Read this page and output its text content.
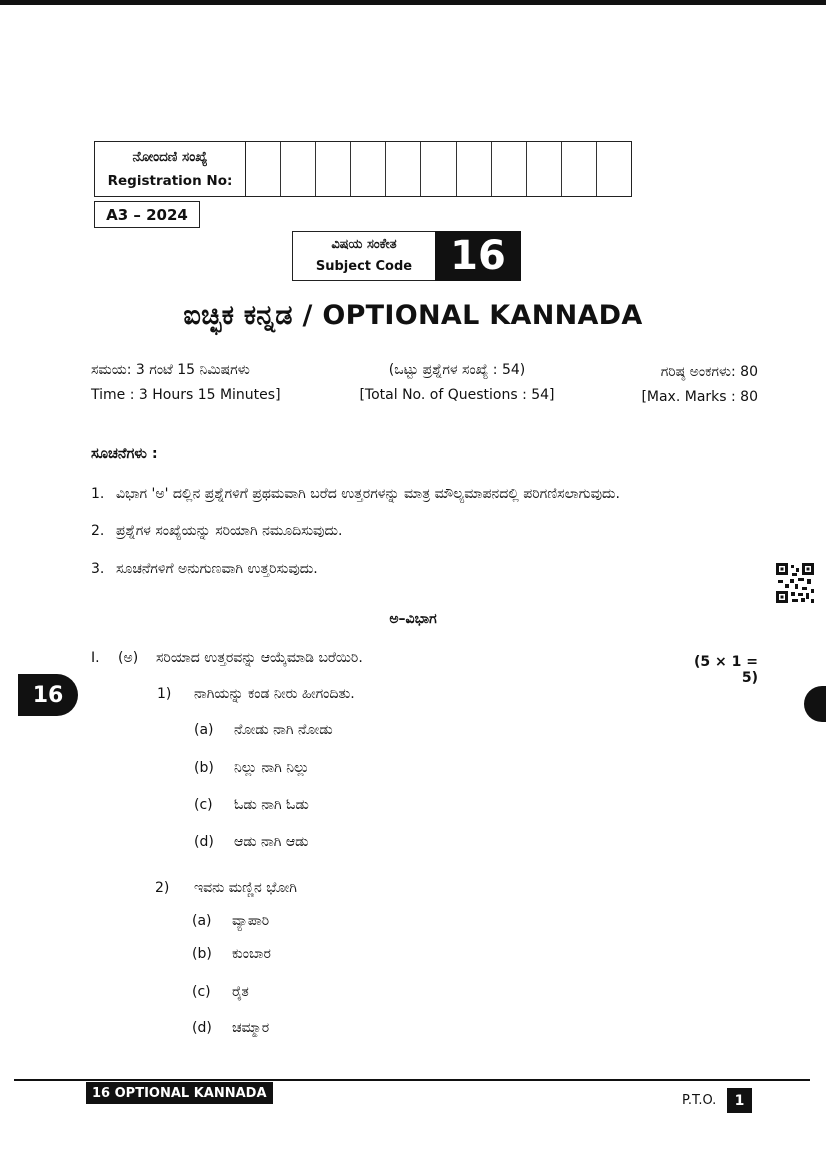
ನೋಂದಣಿ ಸಂಖ್ಯೆ
Registration No:
A3 – 2024
ವಿಷಯ ಸಂಕೇತ
Subject Code 16
ಐಚ್ಛಿಕ ಕನ್ನಡ / OPTIONAL KANNADA
ಸಮಯ: 3 ಗಂಟೆ 15 ನಿಮಿಷಗಳು
Time : 3 Hours 15 Minutes]
(ಒಟ್ಟು ಪ್ರಶ್ನೆಗಳ ಸಂಖ್ಯೆ : 54)
[Total No. of Questions : 54]
ಗರಿಷ್ಠ ಅಂಕಗಳು: 80
[Max. Marks : 80
ಸೂಚನೆಗಳು :
1. ವಿಭಾಗ 'ಅ' ದಲ್ಲಿನ ಪ್ರಶ್ನೆಗಳಿಗೆ ಪ್ರಥಮವಾಗಿ ಬರೆದ ಉತ್ತರಗಳನ್ನು ಮಾತ್ರ ಮೌಲ್ಯಮಾಪನದಲ್ಲಿ ಪರಿಗಣಿಸಲಾಗುವುದು.
2. ಪ್ರಶ್ನೆಗಳ ಸಂಖ್ಯೆಯನ್ನು ಸರಿಯಾಗಿ ನಮೂದಿಸುವುದು.
3. ಸೂಚನೆಗಳಿಗೆ ಅನುಗುಣವಾಗಿ ಉತ್ತರಿಸುವುದು.
ಅ–ವಿಭಾಗ
I. (ಅ) ಸರಿಯಾದ ಉತ್ತರವನ್ನು ಆಯ್ಕೆಮಾಡಿ ಬರೆಯಿರಿ.	(5 × 1 = 5)
1) ನಾಗಿಯನ್ನು ಕಂಡ ನೀರು ಹೀಗಂದಿತು.
(a) ನೋಡು ನಾಗಿ ನೋಡು
(b) ನಿಲ್ಲು ನಾಗಿ ನಿಲ್ಲು
(c) ಓಡು ನಾಗಿ ಓಡು
(d) ಆಡು ನಾಗಿ ಆಡು
2) ಇವನು ಮಣ್ಣಿನ ಭೋಗಿ
(a) ವ್ಯಾಪಾರಿ
(b) ಕುಂಬಾರ
(c) ರೈತ
(d) ಚಮ್ಮಾರ
16
16 OPTIONAL KANNADA	P.T.O.	1
